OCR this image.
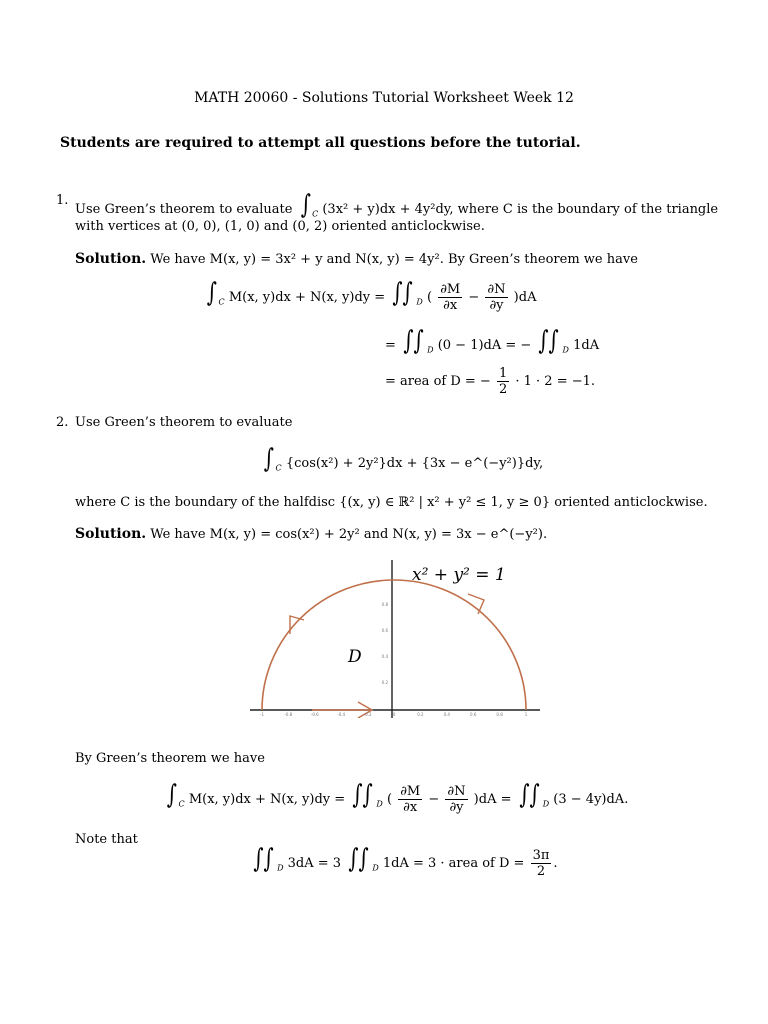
MATH 20060 - Solutions Tutorial Worksheet Week 12
Students are required to attempt all questions before the tutorial.
1.
Use Green’s theorem to evaluate ∫ $_C$ (3x² + y)dx + 4y²dy, where C is the boundary of the triangle
with vertices at (0, 0), (1, 0) and (0, 2) oriented anticlockwise.
Solution. We have M(x, y) = 3x² + y and N(x, y) = 4y². By Green’s theorem we have
∫ $_C$ M(x, y)dx + N(x, y)dy = ∫∫ $_D$ ( $\frac{\partial M}{\partial x} - \frac{\partial N}{\partial y} )dA$
= ∫∫ $_D$ (0 − 1)dA = − ∫∫ $_D$ 1dA
= area of D = − $\frac{1}{2} \cdot 1 \cdot 2 = -1$.
2. Use Green’s theorem to evaluate
∫ $_C$ {cos(x²) + 2y²}dx + {3x − e^(−y²)}dy,
where C is the boundary of the halfdisc {(x, y) ∈ ℝ² | x² + y² ≤ 1, y ≥ 0} oriented anticlockwise.
Solution. We have M(x, y) = cos(x²) + 2y² and N(x, y) = 3x − e^(−y²).
-1	-0.8	-0.6	-0.4	-0.2	0	0.2	0.4	0.6	0.8	1
0.2
0.4
0.6
0.8
x² + y² = 1
D
By Green’s theorem we have
∫ $_C$ M(x, y)dx + N(x, y)dy = ∫∫ $_D$ ( $\frac{\partial M}{\partial x} - \frac{\partial N}{\partial y} )dA$ = ∫∫ $_D$ (3 − 4y)dA.
Note that
∫∫ $_D$ 3dA = 3 ∫∫ $_D$ 1dA = 3 · area of $D = \frac{3\pi}{2}$ .
